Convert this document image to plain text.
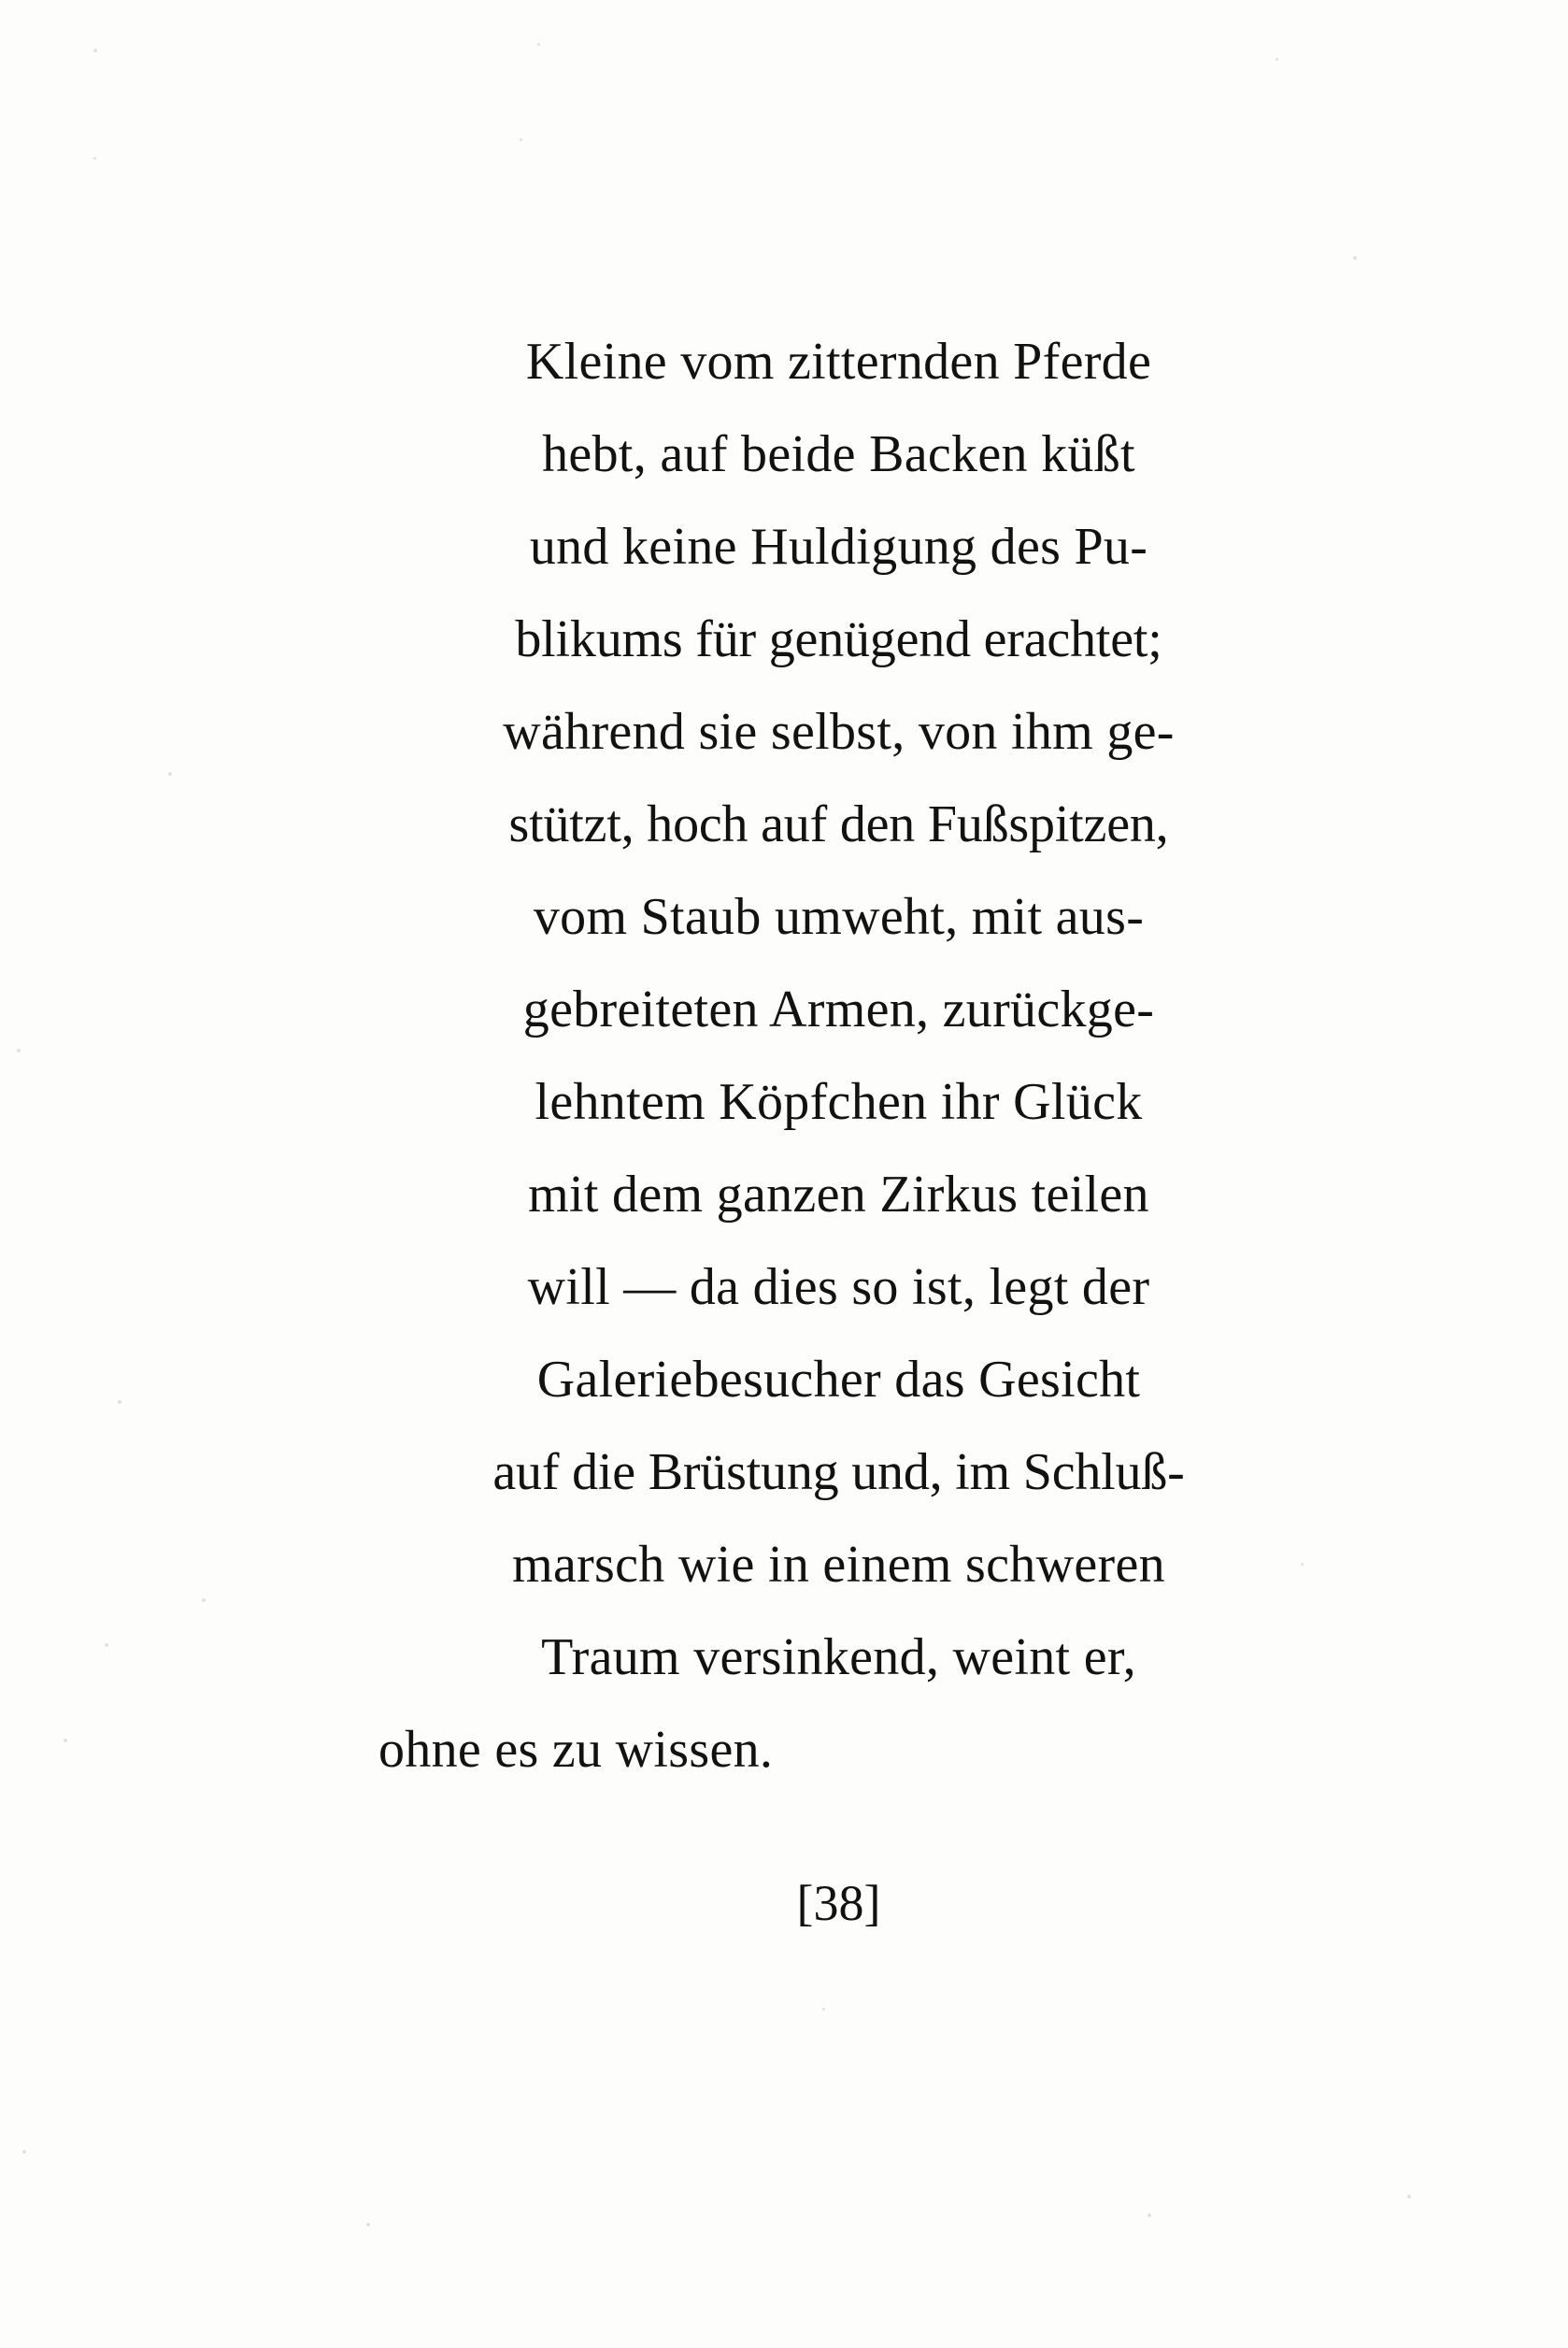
Kleine vom zitternden Pferde
hebt, auf beide Backen küßt
und keine Huldigung des Pu-
blikums für genügend erachtet;
während sie selbst, von ihm ge-
stützt, hoch auf den Fußspitzen,
vom Staub umweht, mit aus-
gebreiteten Armen, zurückge-
lehntem Köpfchen ihr Glück
mit dem ganzen Zirkus teilen
will — da dies so ist, legt der
Galeriebesucher das Gesicht
auf die Brüstung und, im Schluß-
marsch wie in einem schweren
Traum versinkend, weint er,
ohne es zu wissen.
[38]
